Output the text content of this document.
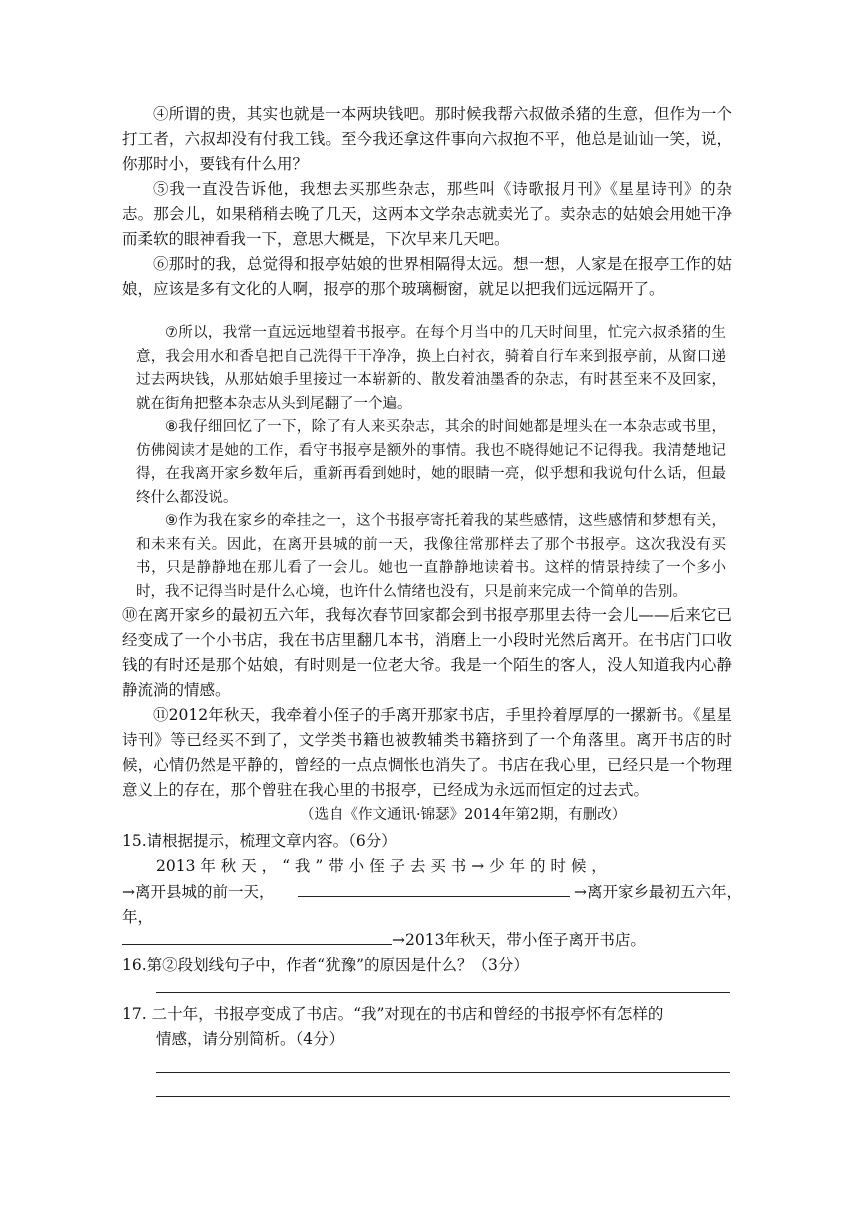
④所谓的贵，其实也就是一本两块钱吧。那时候我帮六叔做杀猪的生意，但作为一个打工者，六叔却没有付我工钱。至今我还拿这件事向六叔抱不平，他总是讪讪一笑，说，你那时小，要钱有什么用？

⑤我一直没告诉他，我想去买那些杂志，那些叫《诗歌报月刊》《星星诗刊》的杂志。那会儿，如果稍稍去晚了几天，这两本文学杂志就卖光了。卖杂志的姑娘会用她干净而柔软的眼神看我一下，意思大概是，下次早来几天吧。

⑥那时的我，总觉得和报亭姑娘的世界相隔得太远。想一想，人家是在报亭工作的姑娘，应该是多有文化的人啊，报亭的那个玻璃橱窗，就足以把我们远远隔开了。

⑦所以，我常一直远远地望着书报亭。在每个月当中的几天时间里，忙完六叔杀猪的生意，我会用水和香皂把自己洗得干干净净，换上白衬衣，骑着自行车来到报亭前，从窗口递过去两块钱，从那姑娘手里接过一本崭新的、散发着油墨香的杂志，有时甚至来不及回家，就在街角把整本杂志从头到尾翻了一个遍。

⑧我仔细回忆了一下，除了有人来买杂志，其余的时间她都是埋头在一本杂志或书里，仿佛阅读才是她的工作，看守书报亭是额外的事情。我也不晓得她记不记得我。我清楚地记得，在我离开家乡数年后，重新再看到她时，她的眼睛一亮，似乎想和我说句什么话，但最终什么都没说。

⑨作为我在家乡的牵挂之一，这个书报亭寄托着我的某些感情，这些感情和梦想有关，和未来有关。因此，在离开县城的前一天，我像往常那样去了那个书报亭。这次我没有买书，只是静静地在那儿看了一会儿。她也一直静静地读着书。这样的情景持续了一个多小时，我不记得当时是什么心境，也许什么情绪也没有，只是前来完成一个简单的告别。

⑩在离开家乡的最初五六年，我每次春节回家都会到书报亭那里去待一会儿——后来它已经变成了一个小书店，我在书店里翻几本书，消磨上一小段时光然后离开。在书店门口收钱的有时还是那个姑娘，有时则是一位老大爷。我是一个陌生的客人，没人知道我内心静静流淌的情感。

⑪2012年秋天，我牵着小侄子的手离开那家书店，手里拎着厚厚的一摞新书。《星星诗刊》等已经买不到了，文学类书籍也被教辅类书籍挤到了一个角落里。离开书店的时候，心情仍然是平静的，曾经的一点点惆怅也消失了。书店在我心里，已经只是一个物理意义上的存在，那个曾驻在我心里的书报亭，已经成为永远而恒定的过去式。

（选自《作文通讯·锦瑟》2014年第2期，有删改）
15.请根据提示，梳理文章内容。（6分）
2013 年 秋 天 ， “ 我 ” 带 小 侄 子 去 买 书 → 少 年 的 时 候 ，
→离开县城的前一天，	→离开家乡最初五六年，
年，
→2013年秋天，带小侄子离开书店。
16.第②段划线句子中，作者“犹豫”的原因是什么？（3分）
17. 二十年，书报亭变成了书店。“我”对现在的书店和曾经的书报亭怀有怎样的
情感，请分别简析。（4分）
